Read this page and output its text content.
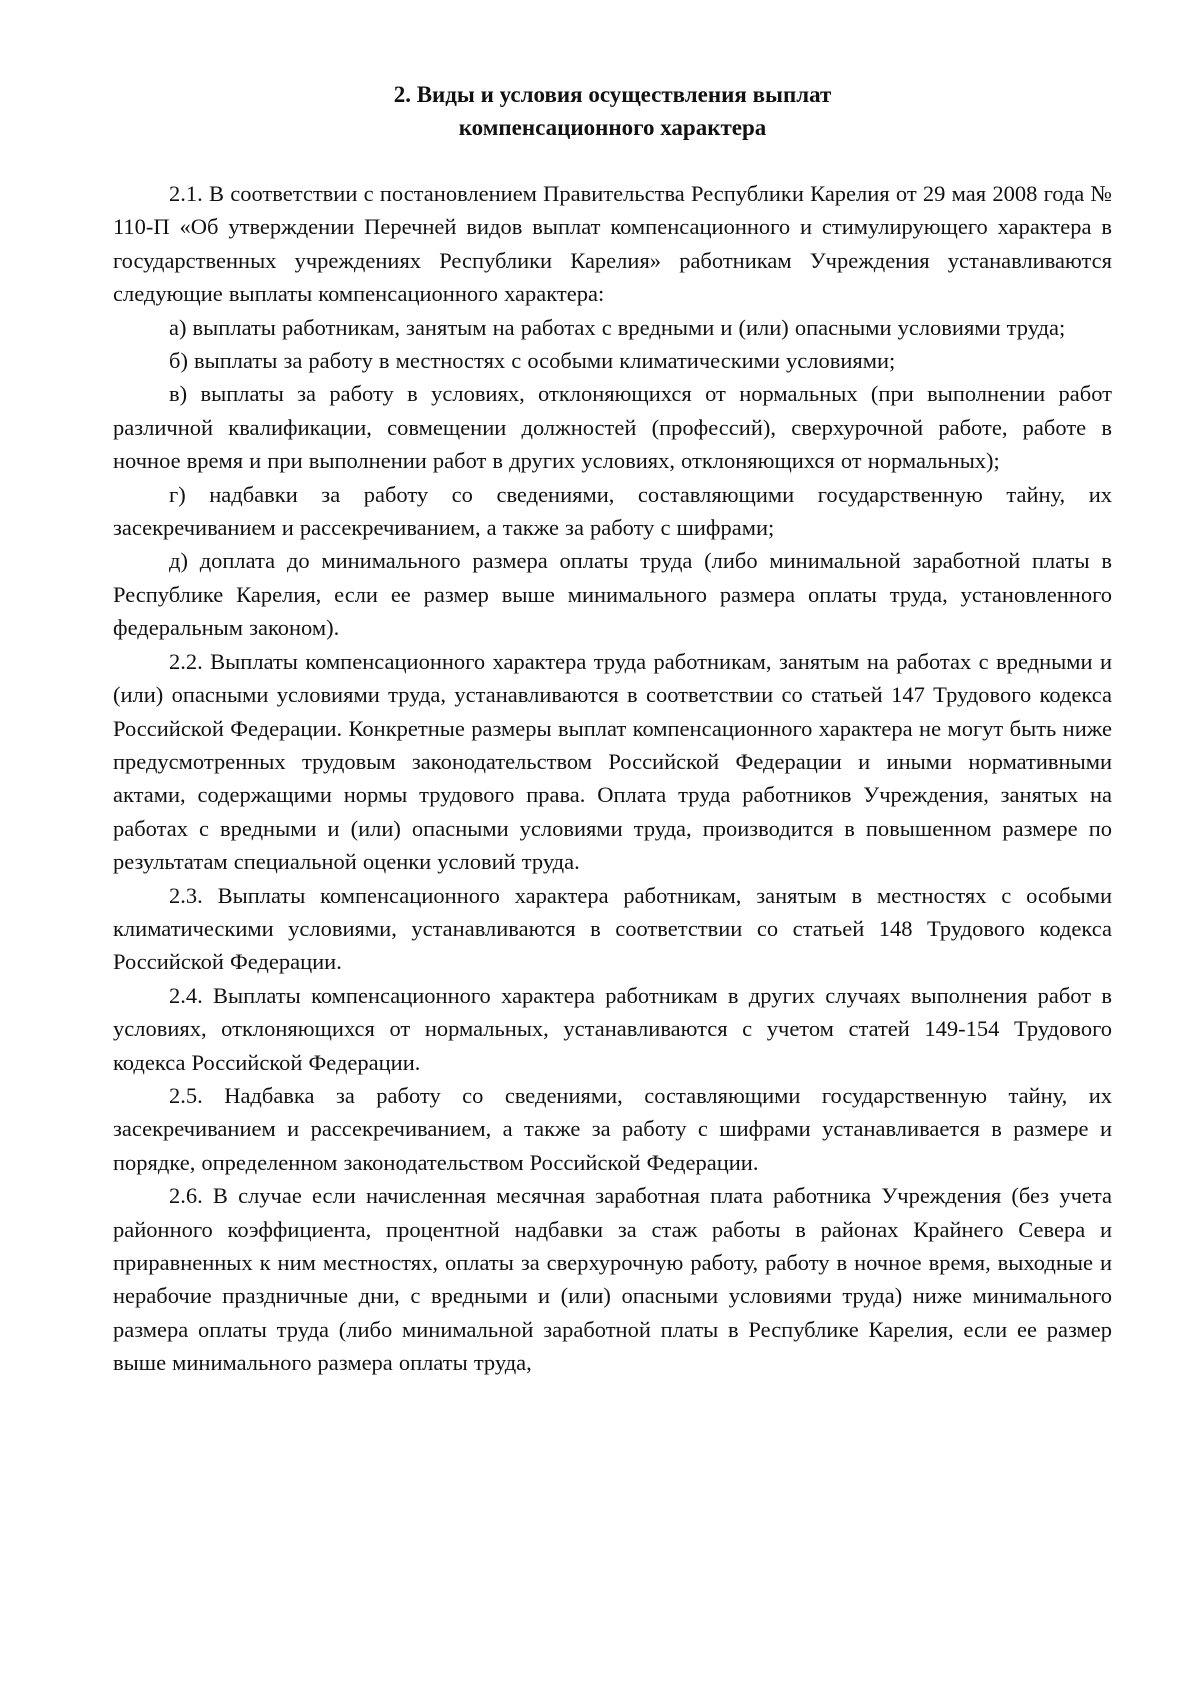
2. Виды и условия осуществления выплат
компенсационного характера

2.1. В соответствии с постановлением Правительства Республики Карелия от 29 мая 2008 года № 110-П «Об утверждении Перечней видов выплат компенсационного и стимулирующего характера в государственных учреждениях Республики Карелия» работникам Учреждения устанавливаются следующие выплаты компенсационного характера:

а) выплаты работникам, занятым на работах с вредными и (или) опасными условиями труда;

б) выплаты за работу в местностях с особыми климатическими условиями;

в) выплаты за работу в условиях, отклоняющихся от нормальных (при выполнении работ различной квалификации, совмещении должностей (профессий), сверхурочной работе, работе в ночное время и при выполнении работ в других условиях, отклоняющихся от нормальных);

г) надбавки за работу со сведениями, составляющими государственную тайну, их засекречиванием и рассекречиванием, а также за работу с шифрами;

д) доплата до минимального размера оплаты труда (либо минимальной заработной платы в Республике Карелия, если ее размер выше минимального размера оплаты труда, установленного федеральным законом).

2.2. Выплаты компенсационного характера труда работникам, занятым на работах с вредными и (или) опасными условиями труда, устанавливаются в соответствии со статьей 147 Трудового кодекса Российской Федерации. Конкретные размеры выплат компенсационного характера не могут быть ниже предусмотренных трудовым законодательством Российской Федерации и иными нормативными актами, содержащими нормы трудового права. Оплата труда работников Учреждения, занятых на работах с вредными и (или) опасными условиями труда, производится в повышенном размере по результатам специальной оценки условий труда.

2.3. Выплаты компенсационного характера работникам, занятым в местностях с особыми климатическими условиями, устанавливаются в соответствии со статьей 148 Трудового кодекса Российской Федерации.

2.4. Выплаты компенсационного характера работникам в других случаях выполнения работ в условиях, отклоняющихся от нормальных, устанавливаются с учетом статей 149-154 Трудового кодекса Российской Федерации.

2.5. Надбавка за работу со сведениями, составляющими государственную тайну, их засекречиванием и рассекречиванием, а также за работу с шифрами устанавливается в размере и порядке, определенном законодательством Российской Федерации.

2.6. В случае если начисленная месячная заработная плата работника Учреждения (без учета районного коэффициента, процентной надбавки за стаж работы в районах Крайнего Севера и приравненных к ним местностях, оплаты за сверхурочную работу, работу в ночное время, выходные и нерабочие праздничные дни, с вредными и (или) опасными условиями труда) ниже минимального размера оплаты труда (либо минимальной заработной платы в Республике Карелия, если ее размер выше минимального размера оплаты труда,
